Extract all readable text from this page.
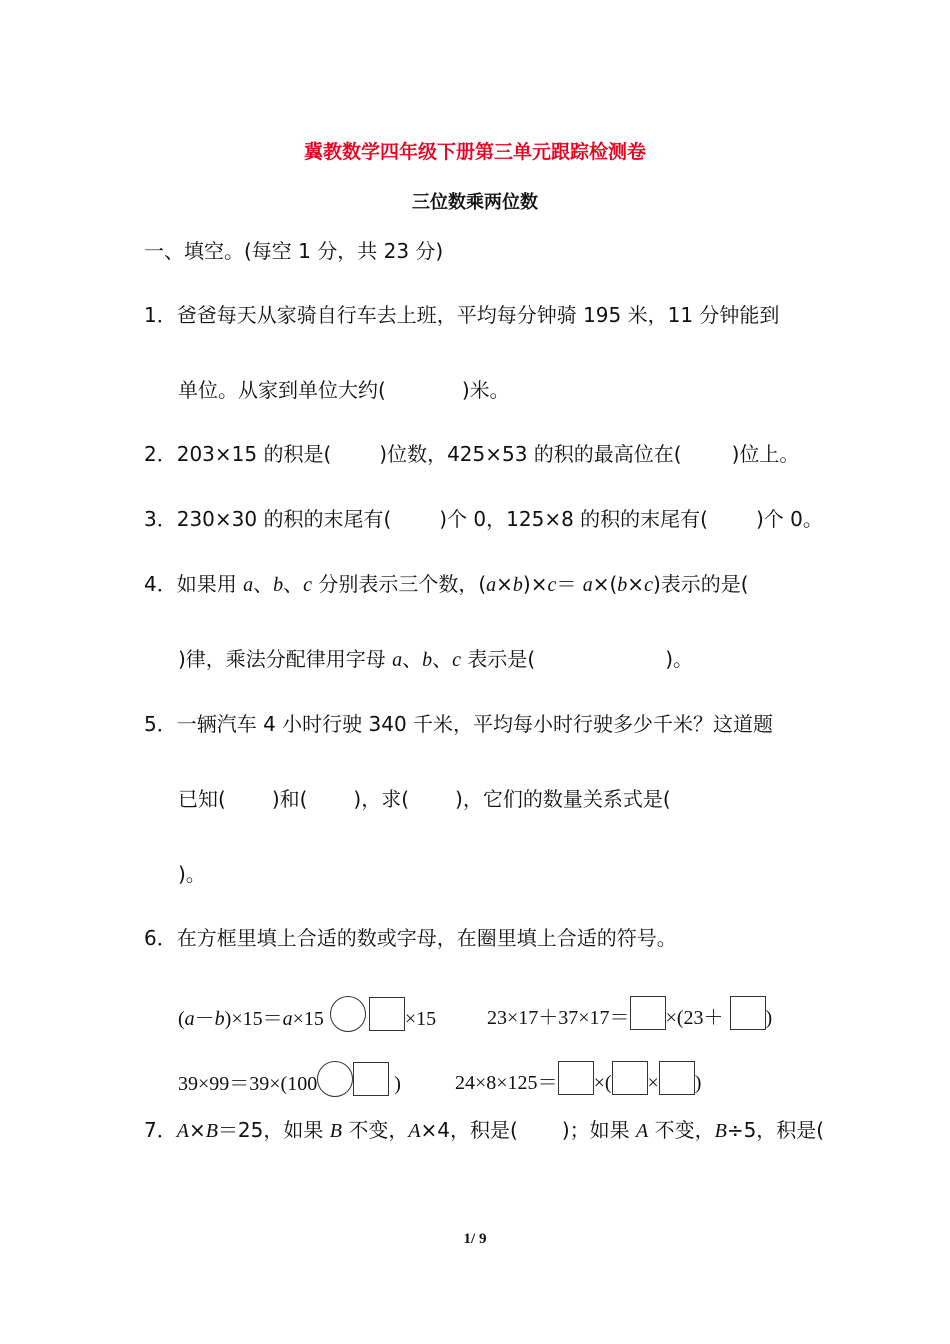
冀教数学四年级下册第三单元跟踪检测卷
三位数乘两位数
一、填空。(每空 1 分，共 23 分)
1．爸爸每天从家骑自行车去上班，平均每分钟骑 195 米，11 分钟能到
单位。从家到单位大约(	)米。
2．203×15 的积是( )位数，425×53 的积的最高位在(	)位上。
3．230×30 的积的末尾有( )个 0，125×8 的积的末尾有( )个 0。
4．如果用 a、b、c 分别表示三个数，(a×b)×c＝ a×(b×c)表示的是(
)律，乘法分配律用字母 a、b、c 表示是(	)。
5．一辆汽车 4 小时行驶 340 千米，平均每小时行驶多少千米？这道题
已知( )和( )，求( )，它们的数量关系式是(
)。
6．在方框里填上合适的数或字母，在圈里填上合适的符号。
(a－b)×15＝a×15	×15	23×17＋37×17＝ ×(23＋ )
39×99＝39×(100	)	24×8×125＝ ×( × )
7．A×B＝25，如果 B 不变，A×4，积是( )；如果 A 不变，B÷5，积是(
1/ 9
